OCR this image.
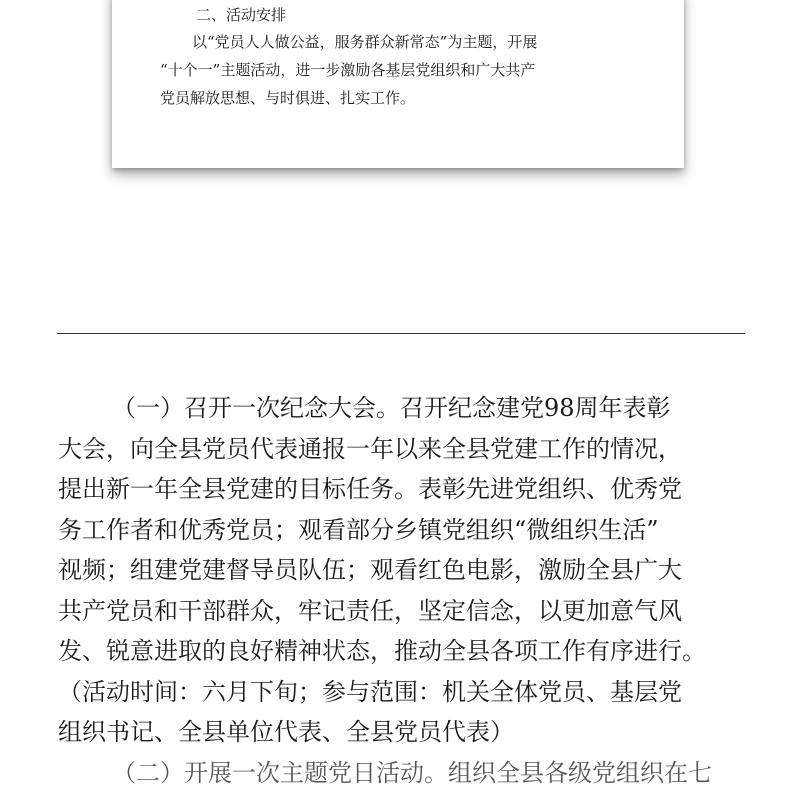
二、活动安排
以“党员人人做公益，服务群众新常态”为主题，开展
“十个一”主题活动，进一步激励各基层党组织和广大共产
党员解放思想、与时俱进、扎实工作。
（一）召开一次纪念大会。召开纪念建党98周年表彰
大会，向全县党员代表通报一年以来全县党建工作的情况，
提出新一年全县党建的目标任务。表彰先进党组织、优秀党
务工作者和优秀党员；观看部分乡镇党组织“微组织生活”
视频；组建党建督导员队伍；观看红色电影，激励全县广大
共产党员和干部群众，牢记责任，坚定信念，以更加意气风
发、锐意进取的良好精神状态，推动全县各项工作有序进行。
（活动时间：六月下旬；参与范围：机关全体党员、基层党
组织书记、全县单位代表、全县党员代表）
（二）开展一次主题党日活动。组织全县各级党组织在七
